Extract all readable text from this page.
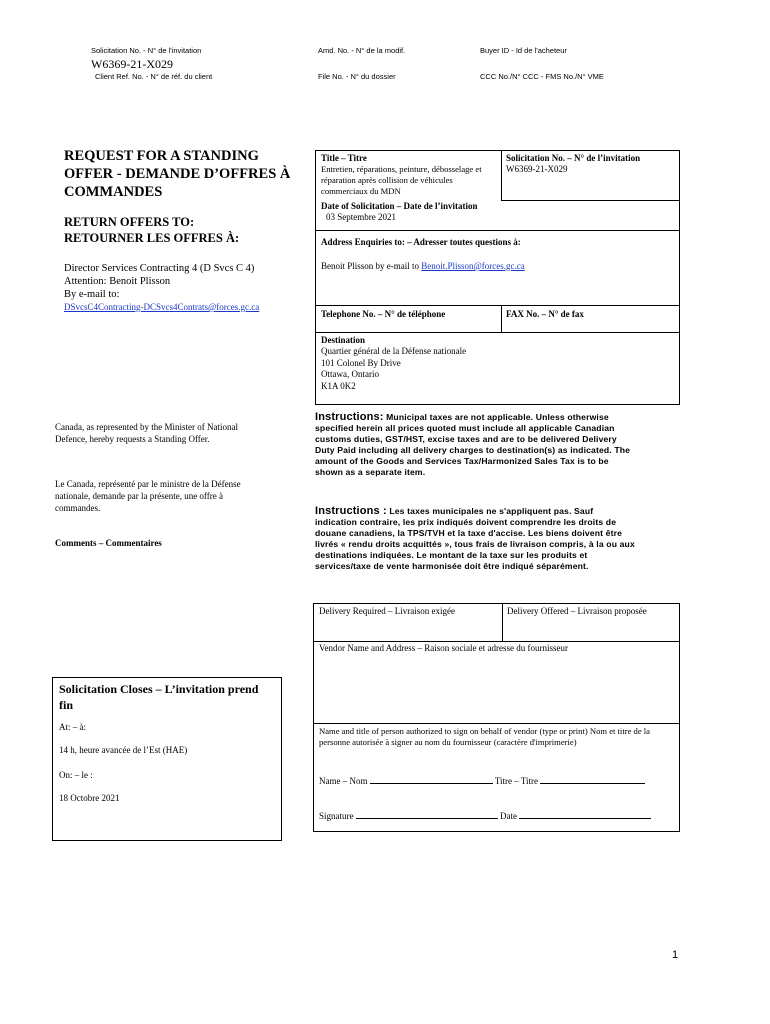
Solicitation No. - N° de l'invitation
W6369-21-X029
Client Ref. No. - N° de réf. du client
Amd. No. - N° de la modif.
File No. - N° du dossier
Buyer ID - Id de l'acheteur
CCC No./N° CCC - FMS No./N° VME
REQUEST FOR A STANDING OFFER - DEMANDE D’OFFRES À COMMANDES
RETURN OFFERS TO:
RETOURNER LES OFFRES À:
Director Services Contracting 4 (D Svcs C 4)
Attention: Benoit Plisson
By e-mail to:
DSvcsC4Contracting-DCSvcs4Contrats@forces.gc.ca
Canada, as represented by the Minister of National Defence, hereby requests a Standing Offer.
Le Canada, représenté par le ministre de la Défense nationale, demande par la présente, une offre à commandes.
Comments – Commentaires
Solicitation Closes – L’invitation prend fin
At: – à:
14 h, heure avancée de l’Est (HAE)
On: – le :
18 Octobre 2021
Title – Titre
Entretien, réparations, peinture, débosselage et réparation après collision de véhicules commerciaux du MDN
Solicitation No. – N° de l’invitation
W6369-21-X029
Date of Solicitation – Date de l’invitation
03 Septembre 2021
Address Enquiries to: – Adresser toutes questions à:
Benoit Plisson by e-mail to Benoit.Plisson@forces.gc.ca
Telephone No. – N° de téléphone	FAX No. – N° de fax
Destination
Quartier général de la Défense nationale
101 Colonel By Drive
Ottawa, Ontario
K1A 0K2
Instructions: Municipal taxes are not applicable. Unless otherwise specified herein all prices quoted must include all applicable Canadian customs duties, GST/HST, excise taxes and are to be delivered Delivery Duty Paid including all delivery charges to destination(s) as indicated. The amount of the Goods and Services Tax/Harmonized Sales Tax is to be shown as a separate item.
Instructions : Les taxes municipales ne s'appliquent pas. Sauf indication contraire, les prix indiqués doivent comprendre les droits de douane canadiens, la TPS/TVH et la taxe d'accise. Les biens doivent être livrés « rendu droits acquittés », tous frais de livraison compris, à la ou aux destinations indiquées. Le montant de la taxe sur les produits et services/taxe de vente harmonisée doit être indiqué séparément.
Delivery Required – Livraison exigée	Delivery Offered – Livraison proposée
Vendor Name and Address – Raison sociale et adresse du fournisseur
Name and title of person authorized to sign on behalf of vendor (type or print) Nom et titre de la personne autorisée à signer au nom du fournisseur (caractère d'imprimerie)
Name – Nom	Titre – Titre
Signature	Date
1
